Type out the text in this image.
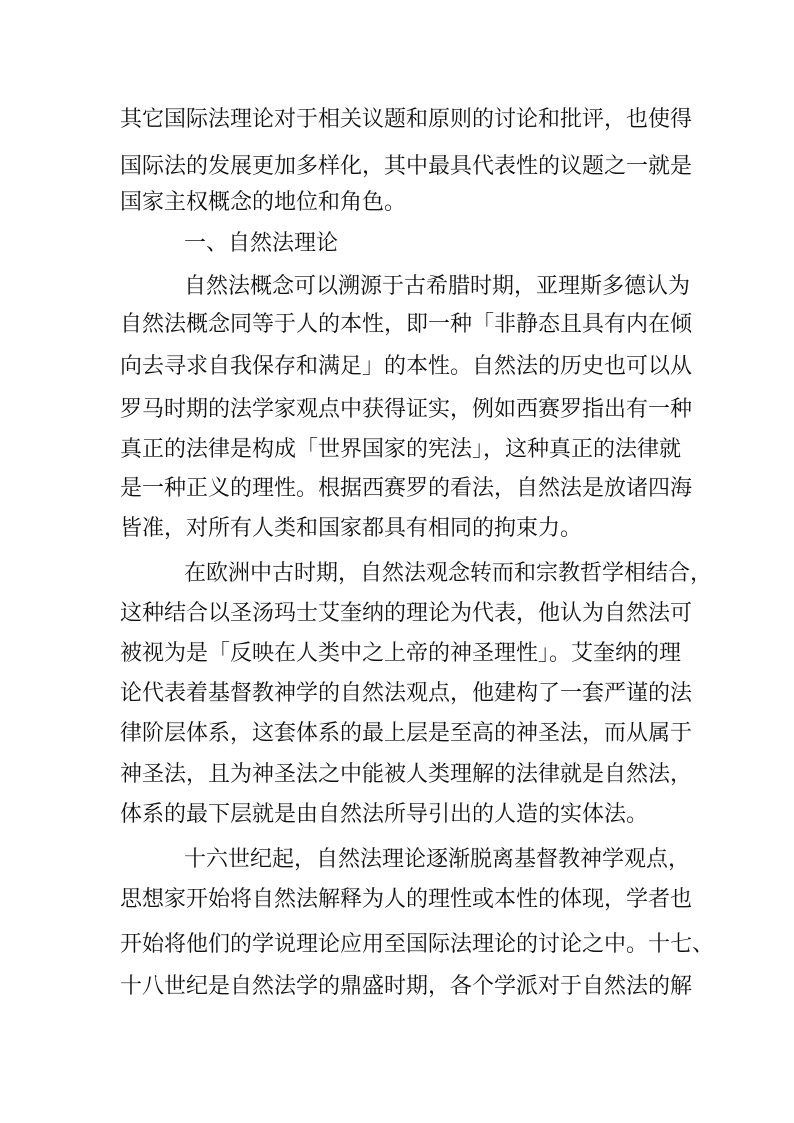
其它国际法理论对于相关议题和原则的讨论和批评，也使得
国际法的发展更加多样化，其中最具代表性的议题之一就是
国家主权概念的地位和角色。
一、自然法理论
自然法概念可以溯源于古希腊时期，亚理斯多德认为
自然法概念同等于人的本性，即一种「非静态且具有内在倾
向去寻求自我保存和满足」的本性。自然法的历史也可以从
罗马时期的法学家观点中获得证实，例如西赛罗指出有一种
真正的法律是构成「世界国家的宪法」，这种真正的法律就
是一种正义的理性。根据西赛罗的看法，自然法是放诸四海
皆准，对所有人类和国家都具有相同的拘束力。
在欧洲中古时期，自然法观念转而和宗教哲学相结合，
这种结合以圣汤玛士艾奎纳的理论为代表，他认为自然法可
被视为是「反映在人类中之上帝的神圣理性」。艾奎纳的理
论代表着基督教神学的自然法观点，他建构了一套严谨的法
律阶层体系，这套体系的最上层是至高的神圣法，而从属于
神圣法，且为神圣法之中能被人类理解的法律就是自然法，
体系的最下层就是由自然法所导引出的人造的实体法。
十六世纪起，自然法理论逐渐脱离基督教神学观点，
思想家开始将自然法解释为人的理性或本性的体现，学者也
开始将他们的学说理论应用至国际法理论的讨论之中。十七、
十八世纪是自然法学的鼎盛时期，各个学派对于自然法的解
